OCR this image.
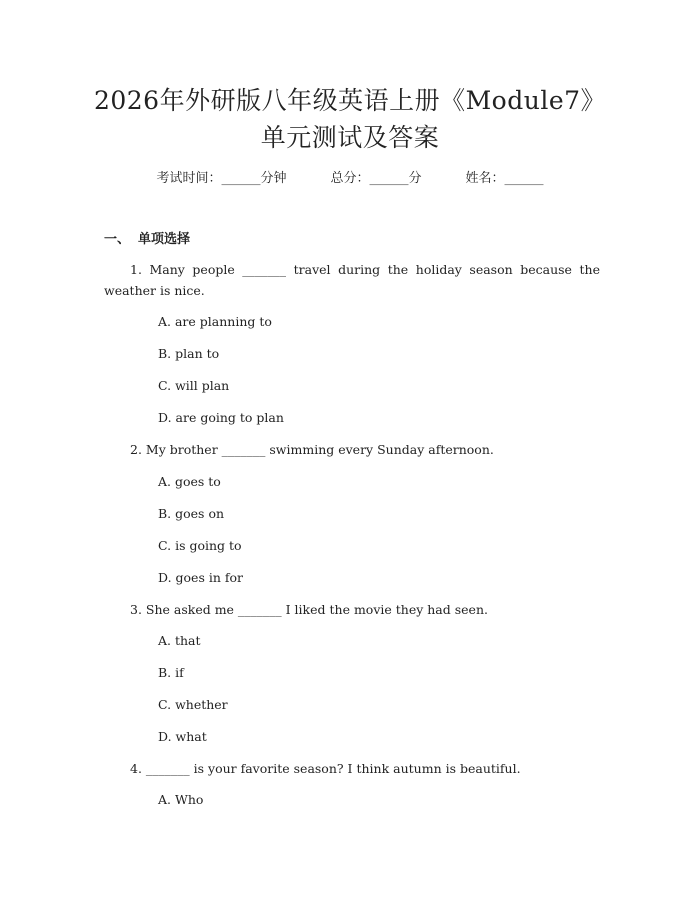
2026年外研版八年级英语上册《Module7》
单元测试及答案
考试时间：______分钟	总分：______分	姓名：______
一、 单项选择
1. Many people _______ travel during the holiday season because the weather is nice.
A. are planning to
B. plan to
C. will plan
D. are going to plan
2. My brother _______ swimming every Sunday afternoon.
A. goes to
B. goes on
C. is going to
D. goes in for
3. She asked me _______ I liked the movie they had seen.
A. that
B. if
C. whether
D. what
4. _______ is your favorite season? I think autumn is beautiful.
A. Who
